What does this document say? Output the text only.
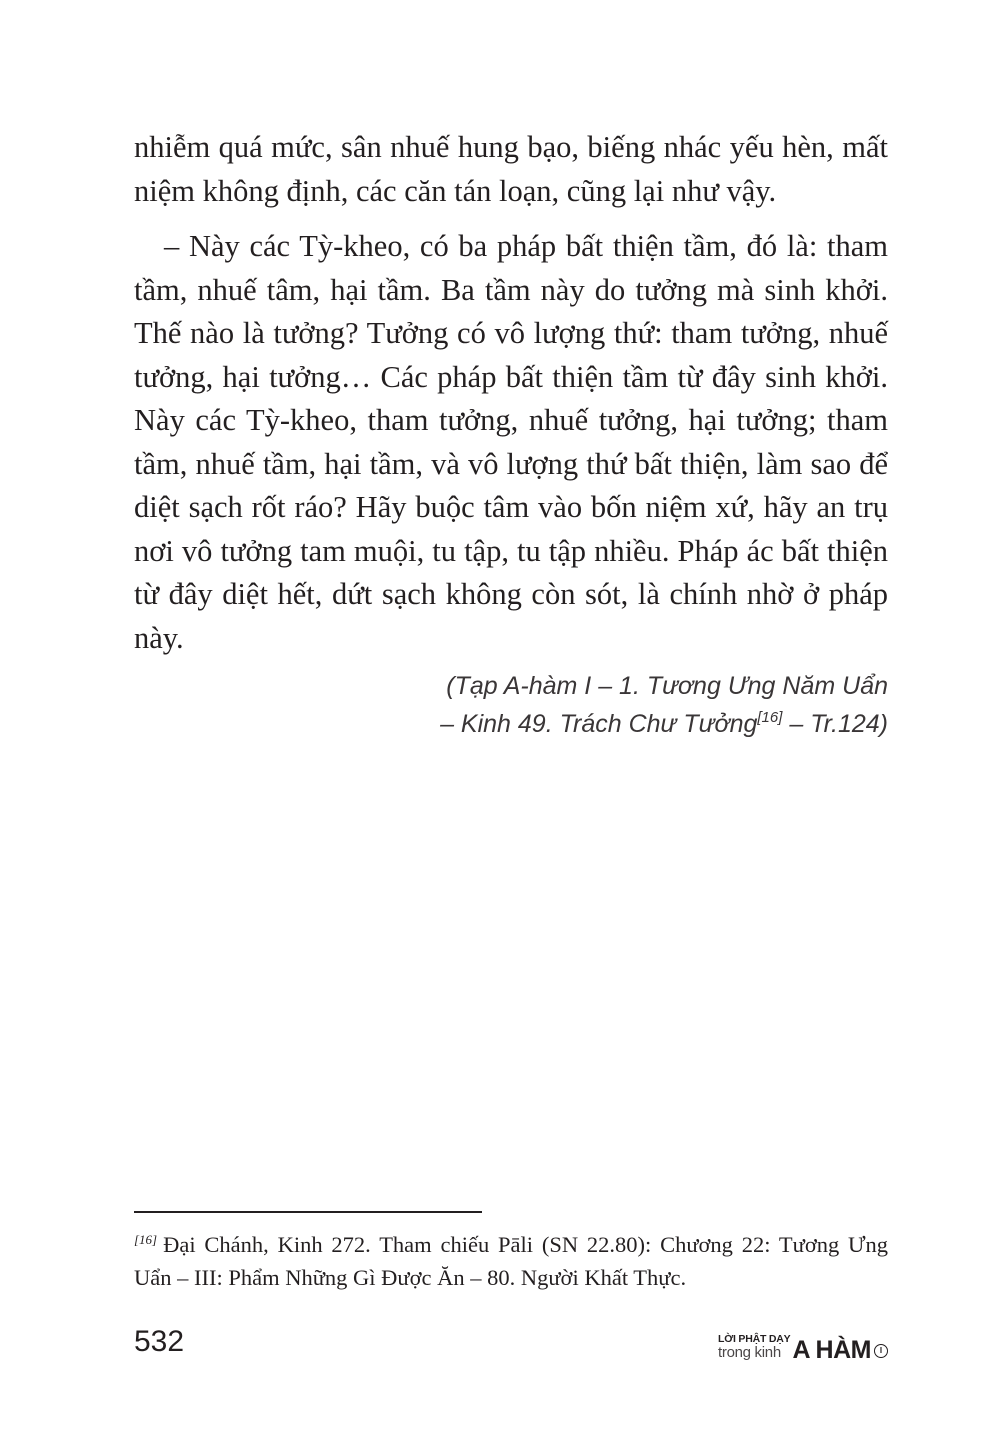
nhiễm quá mức, sân nhuế hung bạo, biếng nhác yếu hèn, mất niệm không định, các căn tán loạn, cũng lại như vậy.

– Này các Tỳ-kheo, có ba pháp bất thiện tầm, đó là: tham tầm, nhuế tâm, hại tầm. Ba tầm này do tưởng mà sinh khởi. Thế nào là tưởng? Tưởng có vô lượng thứ: tham tưởng, nhuế tưởng, hại tưởng… Các pháp bất thiện tầm từ đây sinh khởi. Này các Tỳ-kheo, tham tưởng, nhuế tưởng, hại tưởng; tham tầm, nhuế tầm, hại tầm, và vô lượng thứ bất thiện, làm sao để diệt sạch rốt ráo? Hãy buộc tâm vào bốn niệm xứ, hãy an trụ nơi vô tưởng tam muội, tu tập, tu tập nhiều. Pháp ác bất thiện từ đây diệt hết, dứt sạch không còn sót, là chính nhờ ở pháp này.

(Tạp A-hàm I – 1. Tương Ưng Năm Uẩn
– Kinh 49. Trách Chư Tưởng[16] – Tr.124)

[16] Đại Chánh, Kinh 272. Tham chiếu Pāli (SN 22.80): Chương 22: Tương Ưng Uẩn – III: Phẩm Những Gì Được Ăn – 80. Người Khất Thực.

532	LỜI PHẬT DẠY
trong kinh A HÀM	I
